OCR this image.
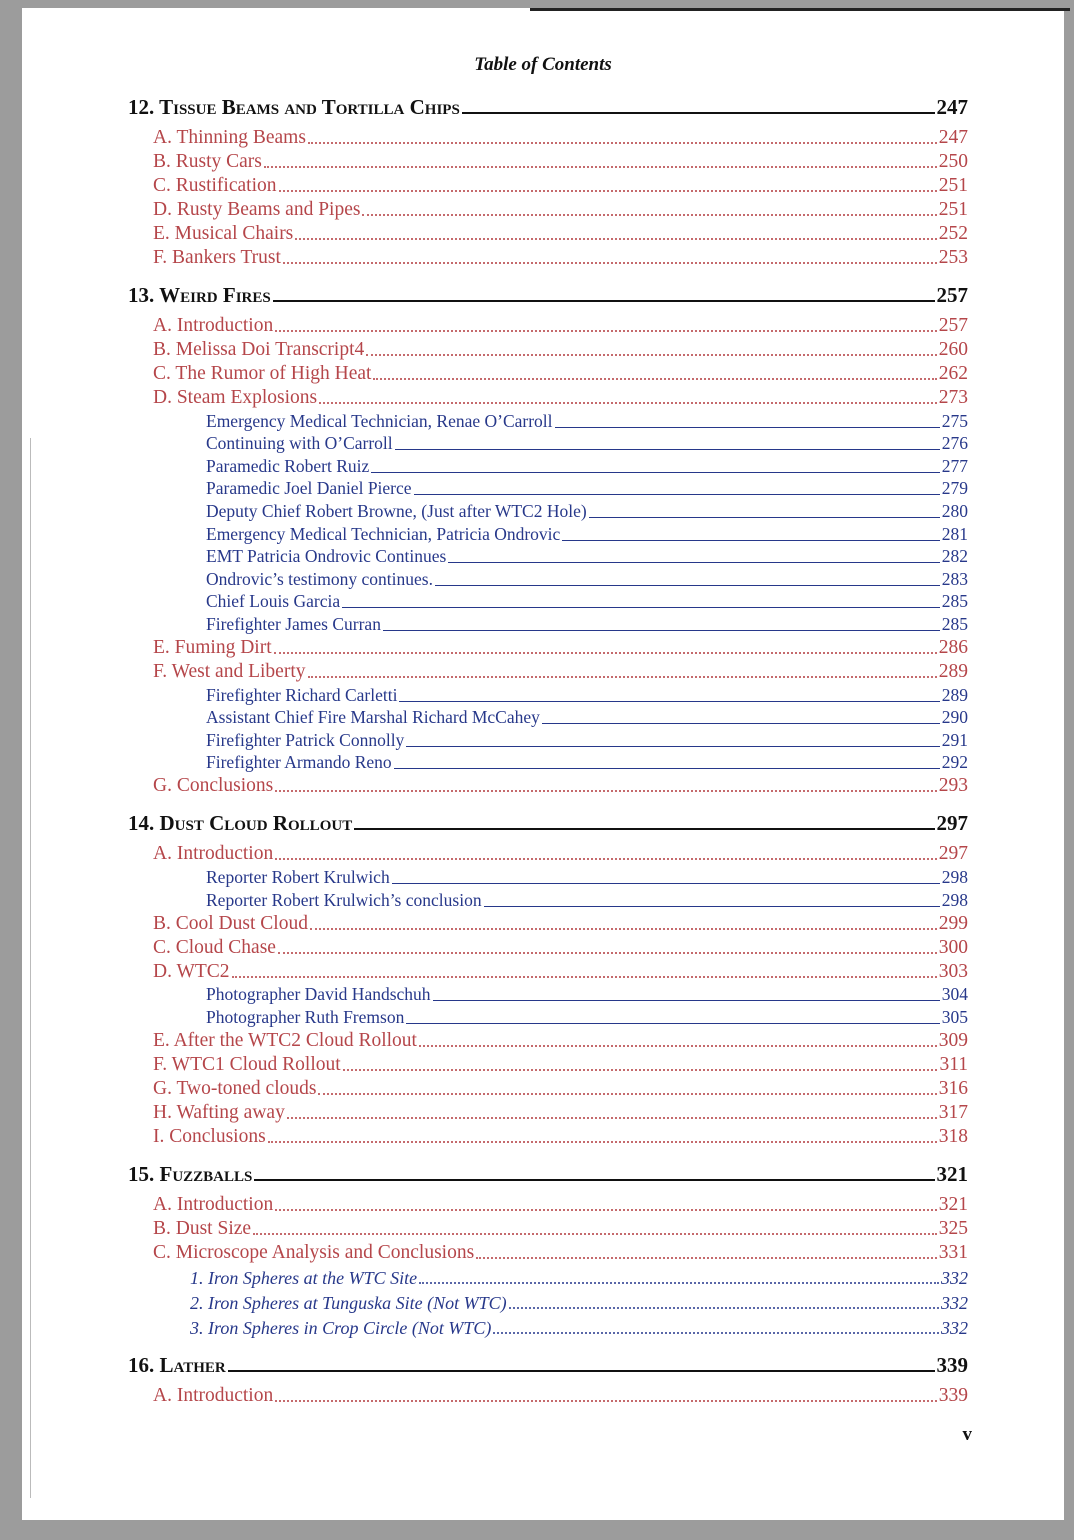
Table of Contents
12. Tissue Beams and Tortilla Chips	247
A. Thinning Beams	247
B. Rusty Cars	250
C. Rustification	251
D. Rusty Beams and Pipes	251
E. Musical Chairs	252
F. Bankers Trust	253
13. Weird Fires	257
A. Introduction	257
B. Melissa Doi Transcript4	260
C. The Rumor of High Heat	262
D. Steam Explosions	273
Emergency Medical Technician, Renae O’Carroll	275
Continuing with O’Carroll	276
Paramedic Robert Ruiz	277
Paramedic Joel Daniel Pierce	279
Deputy Chief Robert Browne, (Just after WTC2 Hole)	280
Emergency Medical Technician, Patricia Ondrovic	281
EMT Patricia Ondrovic Continues	282
Ondrovic’s testimony continues.	283
Chief Louis Garcia	285
Firefighter James Curran	285
E. Fuming Dirt	286
F. West and Liberty	289
Firefighter Richard Carletti	289
Assistant Chief Fire Marshal Richard McCahey	290
Firefighter Patrick Connolly	291
Firefighter Armando Reno	292
G. Conclusions	293
14. Dust Cloud Rollout	297
A. Introduction	297
Reporter Robert Krulwich	298
Reporter Robert Krulwich’s conclusion	298
B. Cool Dust Cloud	299
C. Cloud Chase	300
D. WTC2	303
Photographer David Handschuh	304
Photographer Ruth Fremson	305
E. After the WTC2 Cloud Rollout	309
F. WTC1 Cloud Rollout	311
G. Two-toned clouds	316
H. Wafting away	317
I. Conclusions	318
15. Fuzzballs	321
A. Introduction	321
B. Dust Size	325
C. Microscope Analysis and Conclusions	331
1. Iron Spheres at the WTC Site	332
2. Iron Spheres at Tunguska Site (Not WTC)	332
3. Iron Spheres in Crop Circle (Not WTC)	332
16. Lather	339
A. Introduction	339
v
